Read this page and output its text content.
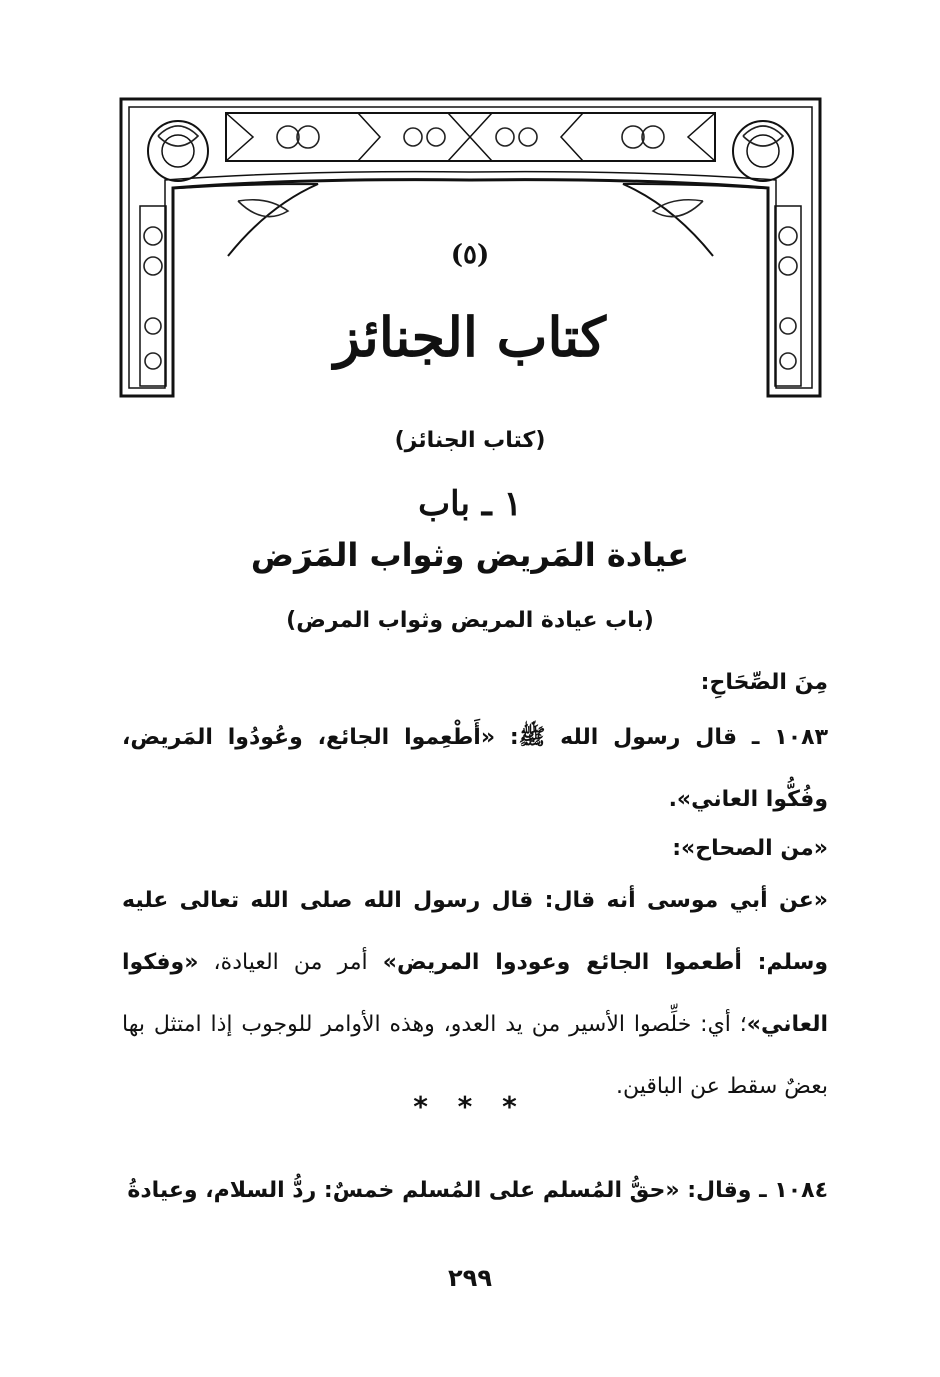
(٥)
كتاب الجنائز
(كتاب الجنائز)
١ ـ باب
عيادة المَريض وثواب المَرَض
(باب عيادة المريض وثواب المرض)
مِنَ الصِّحَاحِ:
١٠٨٣ ـ قال رسول الله ﷺ: «أَطْعِموا الجائع، وعُودُوا المَريض، وفُكُّوا العاني».
«من الصحاح»:
«عن أبي موسى أنه قال: قال رسول الله صلى الله تعالى عليه وسلم: أطعموا الجائع وعودوا المريض» أمر من العيادة، «وفكوا العاني»؛ أي: خلِّصوا الأسير من يد العدو، وهذه الأوامر للوجوب إذا امتثل بها بعضٌ سقط عن الباقين.
* * *
١٠٨٤ ـ وقال: «حقُّ المُسلم على المُسلم خمسٌ: ردُّ السلام، وعيادةُ
٢٩٩
